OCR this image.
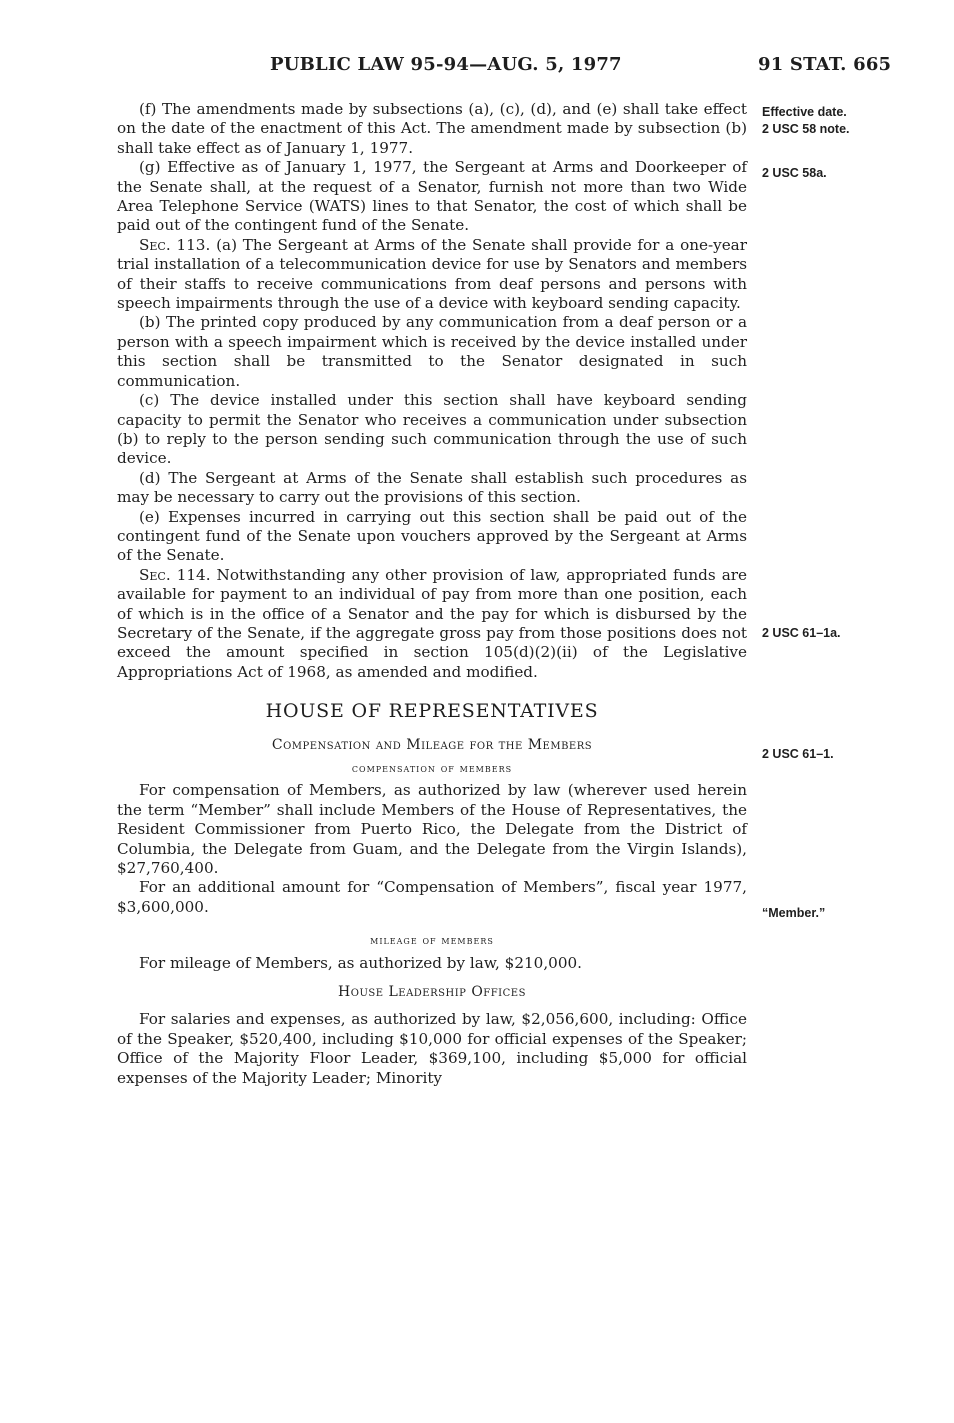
PUBLIC LAW 95-94—AUG. 5, 1977	91 STAT. 665
Effective date.
2 USC 58 note.
2 USC 58a.
2 USC 61–1a.
2 USC 61–1.
“Member.”

(f) The amendments made by subsections (a), (c), (d), and (e) shall take effect on the date of the enactment of this Act. The amendment made by subsection (b) shall take effect as of January 1, 1977.

(g) Effective as of January 1, 1977, the Sergeant at Arms and Doorkeeper of the Senate shall, at the request of a Senator, furnish not more than two Wide Area Telephone Service (WATS) lines to that Senator, the cost of which shall be paid out of the contingent fund of the Senate.

Sec. 113. (a) The Sergeant at Arms of the Senate shall provide for a one-year trial installation of a telecommunication device for use by Senators and members of their staffs to receive communications from deaf persons and persons with speech impairments through the use of a device with keyboard sending capacity.

(b) The printed copy produced by any communication from a deaf person or a person with a speech impairment which is received by the device installed under this section shall be transmitted to the Senator designated in such communication.

(c) The device installed under this section shall have keyboard sending capacity to permit the Senator who receives a communication under subsection (b) to reply to the person sending such communication through the use of such device.

(d) The Sergeant at Arms of the Senate shall establish such procedures as may be necessary to carry out the provisions of this section.

(e) Expenses incurred in carrying out this section shall be paid out of the contingent fund of the Senate upon vouchers approved by the Sergeant at Arms of the Senate.

Sec. 114. Notwithstanding any other provision of law, appropriated funds are available for payment to an individual of pay from more than one position, each of which is in the office of a Senator and the pay for which is disbursed by the Secretary of the Senate, if the aggregate gross pay from those positions does not exceed the amount specified in section 105(d)(2)(ii) of the Legislative Appropriations Act of 1968, as amended and modified.

HOUSE OF REPRESENTATIVES
Compensation and Mileage for the Members
compensation of members

For compensation of Members, as authorized by law (wherever used herein the term “Member” shall include Members of the House of Representatives, the Resident Commissioner from Puerto Rico, the Delegate from the District of Columbia, the Delegate from Guam, and the Delegate from the Virgin Islands), $27,760,400.

For an additional amount for “Compensation of Members”, fiscal year 1977, $3,600,000.

mileage of members

For mileage of Members, as authorized by law, $210,000.

House Leadership Offices

For salaries and expenses, as authorized by law, $2,056,600, including: Office of the Speaker, $520,400, including $10,000 for official expenses of the Speaker; Office of the Majority Floor Leader, $369,100, including $5,000 for official expenses of the Majority Leader; Minority
